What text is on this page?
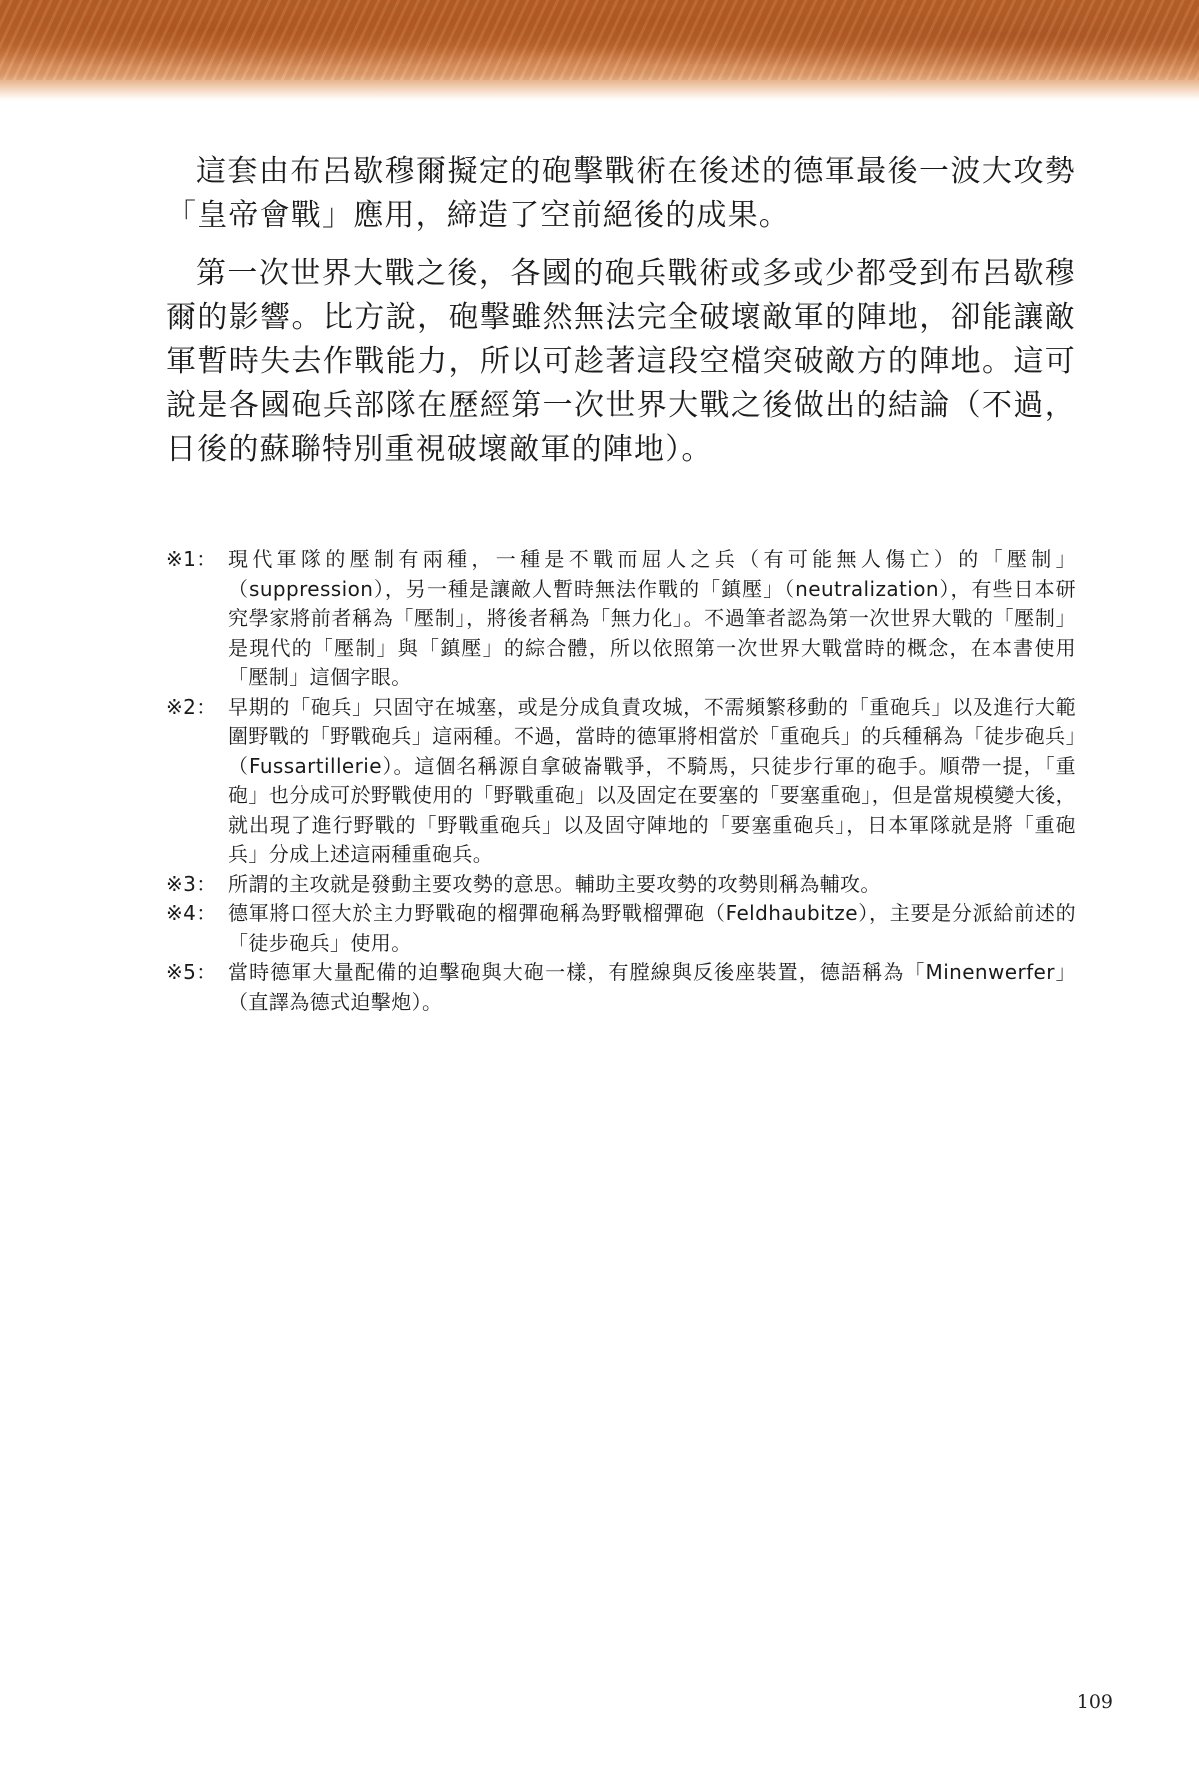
這套由布呂歇穆爾擬定的砲擊戰術在後述的德軍最後一波大攻勢「皇帝會戰」應用，締造了空前絕後的成果。

第一次世界大戰之後，各國的砲兵戰術或多或少都受到布呂歇穆爾的影響。比方說，砲擊雖然無法完全破壞敵軍的陣地，卻能讓敵軍暫時失去作戰能力，所以可趁著這段空檔突破敵方的陣地。這可說是各國砲兵部隊在歷經第一次世界大戰之後做出的結論（不過，日後的蘇聯特別重視破壞敵軍的陣地）。

※1： 現代軍隊的壓制有兩種，一種是不戰而屈人之兵（有可能無人傷亡）的「壓制」（suppression），另一種是讓敵人暫時無法作戰的「鎮壓」（neutralization），有些日本研究學家將前者稱為「壓制」，將後者稱為「無力化」。不過筆者認為第一次世界大戰的「壓制」是現代的「壓制」與「鎮壓」的綜合體，所以依照第一次世界大戰當時的概念，在本書使用「壓制」這個字眼。
※2： 早期的「砲兵」只固守在城塞，或是分成負責攻城，不需頻繁移動的「重砲兵」以及進行大範圍野戰的「野戰砲兵」這兩種。不過，當時的德軍將相當於「重砲兵」的兵種稱為「徒步砲兵」（Fussartillerie）。這個名稱源自拿破崙戰爭，不騎馬，只徒步行軍的砲手。順帶一提，「重砲」也分成可於野戰使用的「野戰重砲」以及固定在要塞的「要塞重砲」，但是當規模變大後，就出現了進行野戰的「野戰重砲兵」以及固守陣地的「要塞重砲兵」，日本軍隊就是將「重砲兵」分成上述這兩種重砲兵。
※3： 所謂的主攻就是發動主要攻勢的意思。輔助主要攻勢的攻勢則稱為輔攻。
※4： 德軍將口徑大於主力野戰砲的榴彈砲稱為野戰榴彈砲（Feldhaubitze），主要是分派給前述的「徒步砲兵」使用。
※5： 當時德軍大量配備的迫擊砲與大砲一樣，有膛線與反後座裝置，德語稱為「Minenwerfer」（直譯為德式迫擊炮）。
109
